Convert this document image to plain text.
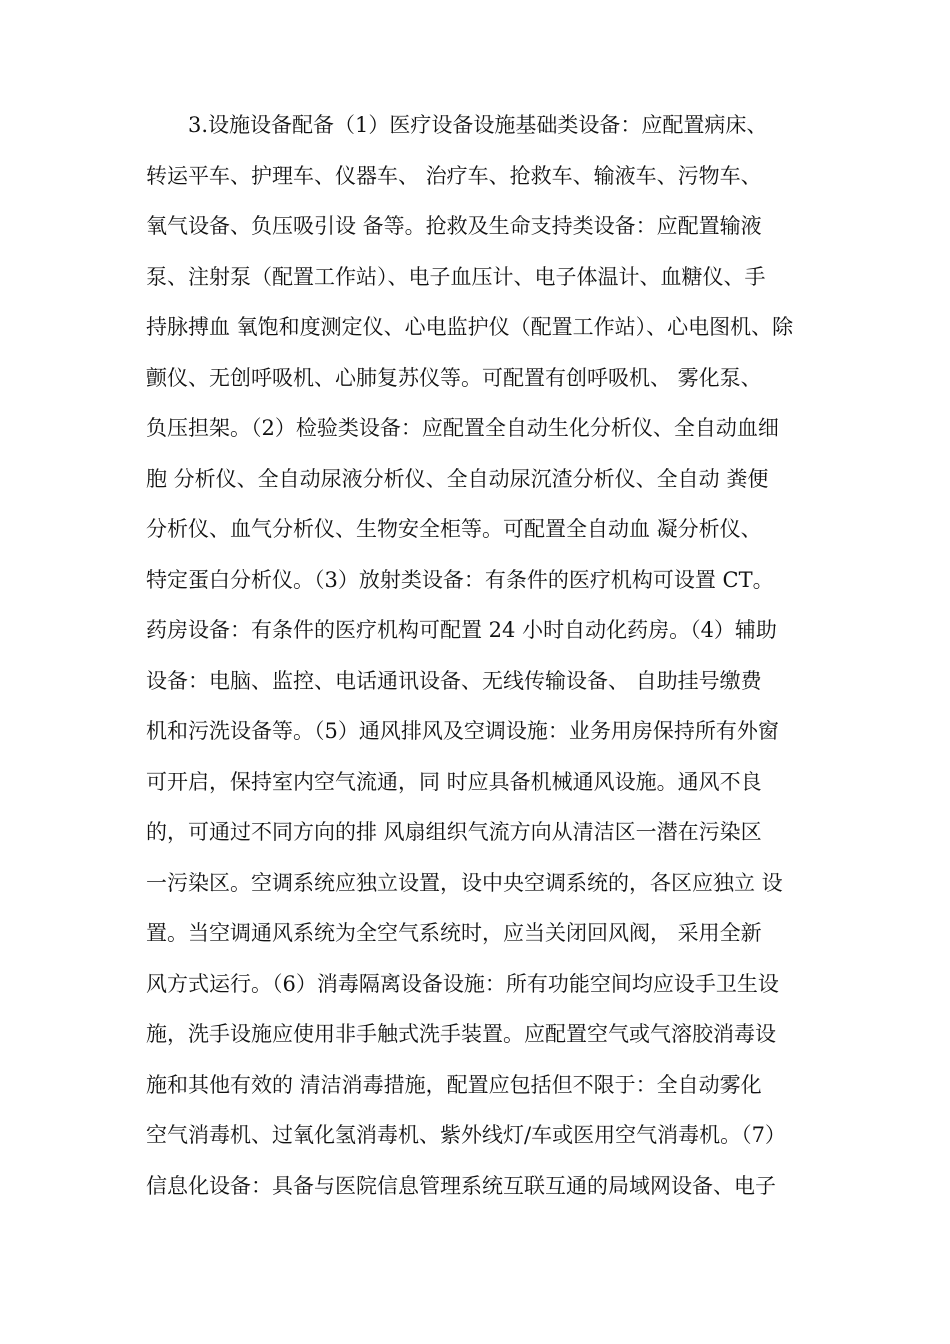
3.设施设备配备（1）医疗设备设施基础类设备：应配置病床、
转运平车、护理车、仪器车、 治疗车、抢救车、输液车、污物车、
氧气设备、负压吸引设 备等。抢救及生命支持类设备：应配置输液
泵、注射泵（配置工作站）、电子血压计、电子体温计、血糖仪、手
持脉搏血 氧饱和度测定仪、心电监护仪（配置工作站）、心电图机、除
颤仪、无创呼吸机、心肺复苏仪等。可配置有创呼吸机、 雾化泵、
负压担架。（2）检验类设备：应配置全自动生化分析仪、全自动血细
胞 分析仪、全自动尿液分析仪、全自动尿沉渣分析仪、全自动 粪便
分析仪、血气分析仪、生物安全柜等。可配置全自动血 凝分析仪、
特定蛋白分析仪。（3）放射类设备：有条件的医疗机构可设置 CT。
药房设备：有条件的医疗机构可配置 24 小时自动化药房。（4）辅助
设备：电脑、监控、电话通讯设备、无线传输设备、 自助挂号缴费
机和污洗设备等。（5）通风排风及空调设施：业务用房保持所有外窗
可开启，保持室内空气流通，同 时应具备机械通风设施。通风不良
的，可通过不同方向的排 风扇组织气流方向从清洁区一潜在污染区
一污染区。空调系统应独立设置，设中央空调系统的，各区应独立 设
置。当空调通风系统为全空气系统时，应当关闭回风阀， 采用全新
风方式运行。（6）消毒隔离设备设施：所有功能空间均应设手卫生设
施，洗手设施应使用非手触式洗手装置。应配置空气或气溶胶消毒设
施和其他有效的 清洁消毒措施，配置应包括但不限于：全自动雾化
空气消毒机、过氧化氢消毒机、紫外线灯/车或医用空气消毒机。（7）
信息化设备：具备与医院信息管理系统互联互通的局域网设备、电子
